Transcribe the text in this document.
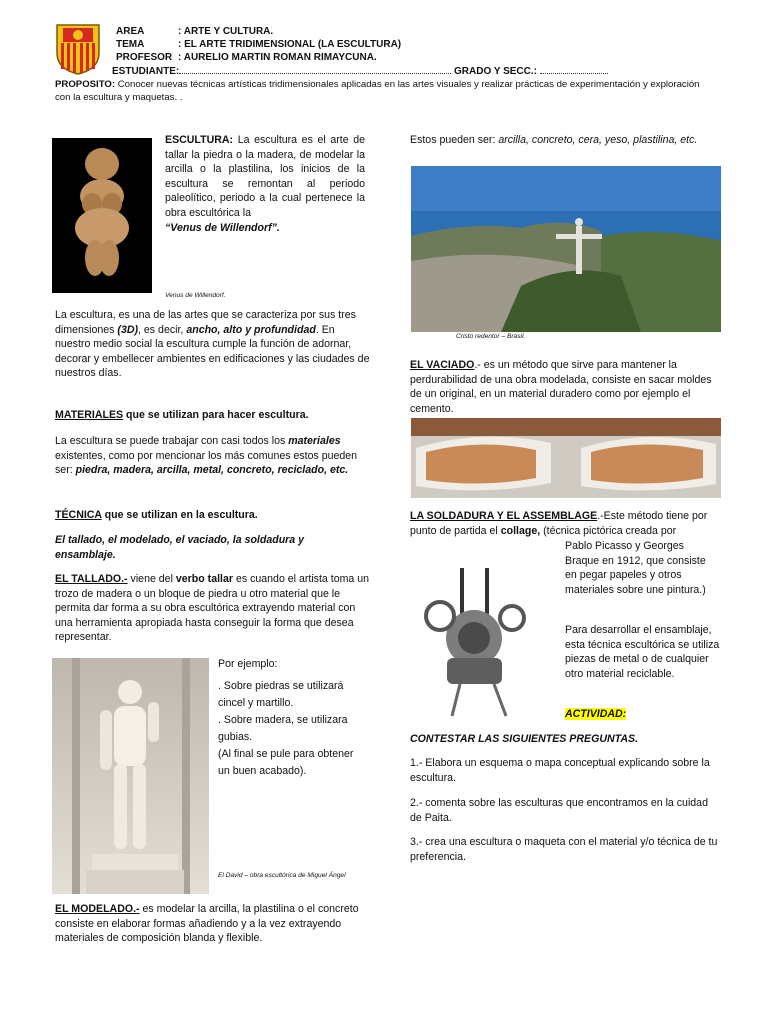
AREA	: ARTE Y CULTURA.
TEMA	: EL ARTE TRIDIMENSIONAL (LA ESCULTURA)
PROFESOR : AURELIO MARTIN ROMAN RIMAYCUNA.
ESTUDIANTE:	GRADO Y SECC.:
PROPOSITO: Conocer nuevas técnicas artísticas tridimensionales aplicadas en las artes visuales y realizar prácticas de experimentación y exploración con la escultura y maquetas. .
Venus de Willendorf.
ESCULTURA: La escultura es el arte de tallar la piedra o la madera, de modelar la arcilla o la plastilina, los inicios de la escultura se remontan al periodo paleolítico, periodo a la cual pertenece la obra escultórica la
“Venus de Willendorf”.
La escultura, es una de las artes que se caracteriza por sus tres dimensiones (3D), es decir, ancho, alto y profundidad. En nuestro medio social la escultura cumple la función de adornar, decorar y embellecer ambientes en edificaciones y las ciudades de nuestros días.
MATERIALES que se utilizan para hacer escultura.
La escultura se puede trabajar con casi todos los materiales existentes, como por mencionar los más comunes estos pueden ser: piedra, madera, arcilla, metal, concreto, reciclado, etc.
TÉCNICA que se utilizan en la escultura.
El tallado, el modelado, el vaciado, la soldadura y ensamblaje.
EL TALLADO.- viene del verbo tallar es cuando el artista toma un trozo de madera o un bloque de piedra u otro material que le permita dar forma a su obra escultórica extrayendo material con una herramienta apropiada hasta conseguir la forma que desea representar.
Por ejemplo:
. Sobre piedras se utilizará cincel y martillo.
. Sobre madera, se utilizara gubias.
(Al final se pule para obtener un buen acabado).
El David – obra escultórica de Miguel Ángel
EL MODELADO.- es modelar la arcilla, la plastilina o el concreto consiste en elaborar formas añadiendo y a la vez extrayendo materiales de composición blanda y flexible.
Estos pueden ser: arcilla, concreto, cera, yeso, plastilina, etc.
Cristo redentor – Brasil.
EL VACIADO.- es un método que sirve para mantener la perdurabilidad de una obra modelada, consiste en sacar moldes de un original, en un material duradero como por ejemplo el cemento.
LA SOLDADURA Y EL ASSEMBLAGE.-Este método tiene por punto de partida el collage, (técnica pictórica creada por
Pablo Picasso y Georges Braque en 1912, que consiste en pegar papeles y otros materiales sobre une pintura.)
Para desarrollar el ensamblaje, esta técnica escultórica se utiliza piezas de metal o de cualquier otro material reciclable.
ACTIVIDAD:
CONTESTAR LAS SIGUIENTES PREGUNTAS.
1.- Elabora un esquema o mapa conceptual explicando sobre la escultura.
2.- comenta sobre las esculturas que encontramos en la cuidad de Paita.
3.- crea una escultura o maqueta con el material y/o técnica de tu preferencia.
